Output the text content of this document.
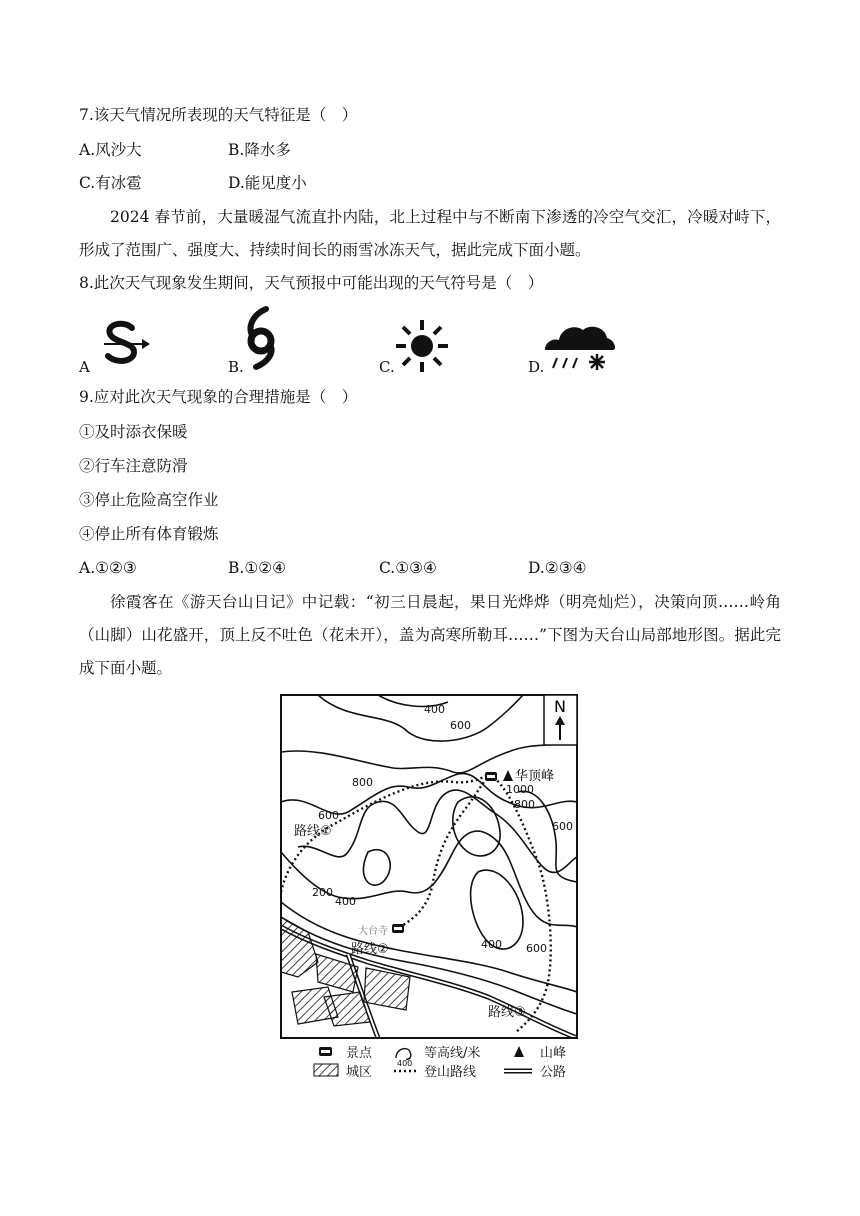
7.该天气情况所表现的天气特征是（　）
A.风沙大	B.降水多
C.有冰雹	D.能见度小
2024 春节前，大量暖湿气流直扑内陆，北上过程中与不断南下渗透的冷空气交汇，冷暖对峙下，形成了范围广、强度大、持续时间长的雨雪冰冻天气，据此完成下面小题。
8.此次天气现象发生期间，天气预报中可能出现的天气符号是（　）
A	B.	C.	D.
9.应对此次天气现象的合理措施是（　）
①及时添衣保暖
②行车注意防滑
③停止危险高空作业
④停止所有体育锻炼
A.①②③	B.①②④	C.①③④	D.②③④
徐霞客在《游天台山日记》中记载：“初三日晨起，果日光烨烨（明亮灿烂），决策向顶……岭角（山脚）山花盛开，顶上反不吐色（花未开），盖为高寒所勒耳……”下图为天台山局部地形图。据此完成下面小题。
N
400
600
800
1000
800
600
600
200
400
400 600
华顶峰
大台寺
路线①
路线②
路线③
景点
400
等高线/米	山峰
城区	登山路线	公路
